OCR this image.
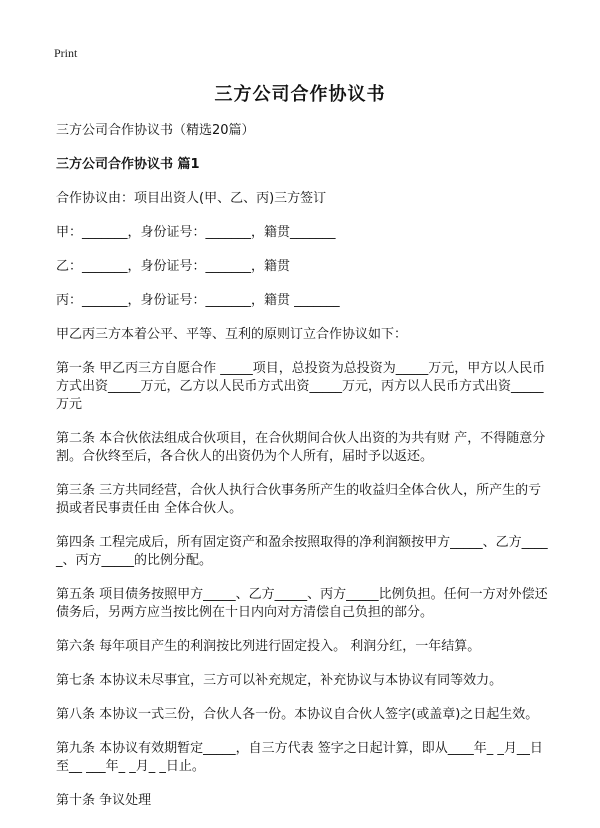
Print
三方公司合作协议书

三方公司合作协议书（精选20篇）

三方公司合作协议书 篇1

合作协议由：项目出资人(甲、乙、丙)三方签订

甲：_______，身份证号：_______，籍贯_______

乙：_______，身份证号：_______，籍贯

丙：_______，身份证号：_______，籍贯 _______

甲乙丙三方本着公平、平等、互利的原则订立合作协议如下：

第一条 甲乙丙三方自愿合作 _____项目，总投资为总投资为_____万元，甲方以人民币方式出资_____万元，乙方以人民币方式出资_____万元，丙方以人民币方式出资_____万元

第二条 本合伙依法组成合伙项目，在合伙期间合伙人出资的为共有财 产，不得随意分割。合伙终至后，各合伙人的出资仍为个人所有，届时予以返还。

第三条 三方共同经营，合伙人执行合伙事务所产生的收益归全体合伙人，所产生的亏损或者民事责任由 全体合伙人。

第四条 工程完成后，所有固定资产和盈余按照取得的净利润额按甲方_____、乙方_____、丙方_____的比例分配。

第五条 项目债务按照甲方_____、乙方_____、丙方_____比例负担。任何一方对外偿还债务后，另两方应当按比例在十日内向对方清偿自己负担的部分。

第六条 每年项目产生的利润按比列进行固定投入。 利润分红，一年结算。

第七条 本协议未尽事宜，三方可以补充规定，补充协议与本协议有同等效力。

第八条 本协议一式三份，合伙人各一份。本协议自合伙人签字(或盖章)之日起生效。

第九条 本协议有效期暂定_____，自三方代表 签字之日起计算，即从____年_ _月__日至__ ___年_ _月_ _日止。

第十条 争议处理
